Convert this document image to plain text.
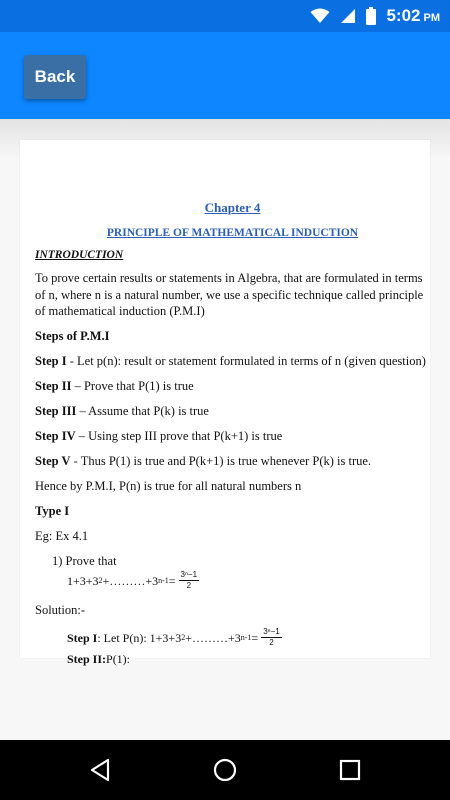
5:02 PM
Back
Chapter 4
PRINCIPLE OF MATHEMATICAL INDUCTION
INTRODUCTION
To prove certain results or statements in Algebra, that are formulated in terms of n, where n is a natural number, we use a specific technique called principle of mathematical induction (P.M.I)
Steps of P.M.I
Step I - Let p(n): result or statement formulated in terms of n (given question)
Step II – Prove that P(1) is true
Step III – Assume that P(k) is true
Step IV – Using step III prove that P(k+1) is true
Step V - Thus P(1) is true and P(k+1) is true whenever P(k) is true.
Hence by P.M.I, P(n) is true for all natural numbers n
Type I
Eg: Ex 4.1
1) Prove that
1+3+3 2 +………+3 $n-1 = \frac{\text{3ⁿ−1}}{2}$
Solution:-
Step I : Let P(n): 1+3+3 2 +………+3 $n-1 = \frac{\text{3ⁿ−1}}{2}$
Step II: P(1):
